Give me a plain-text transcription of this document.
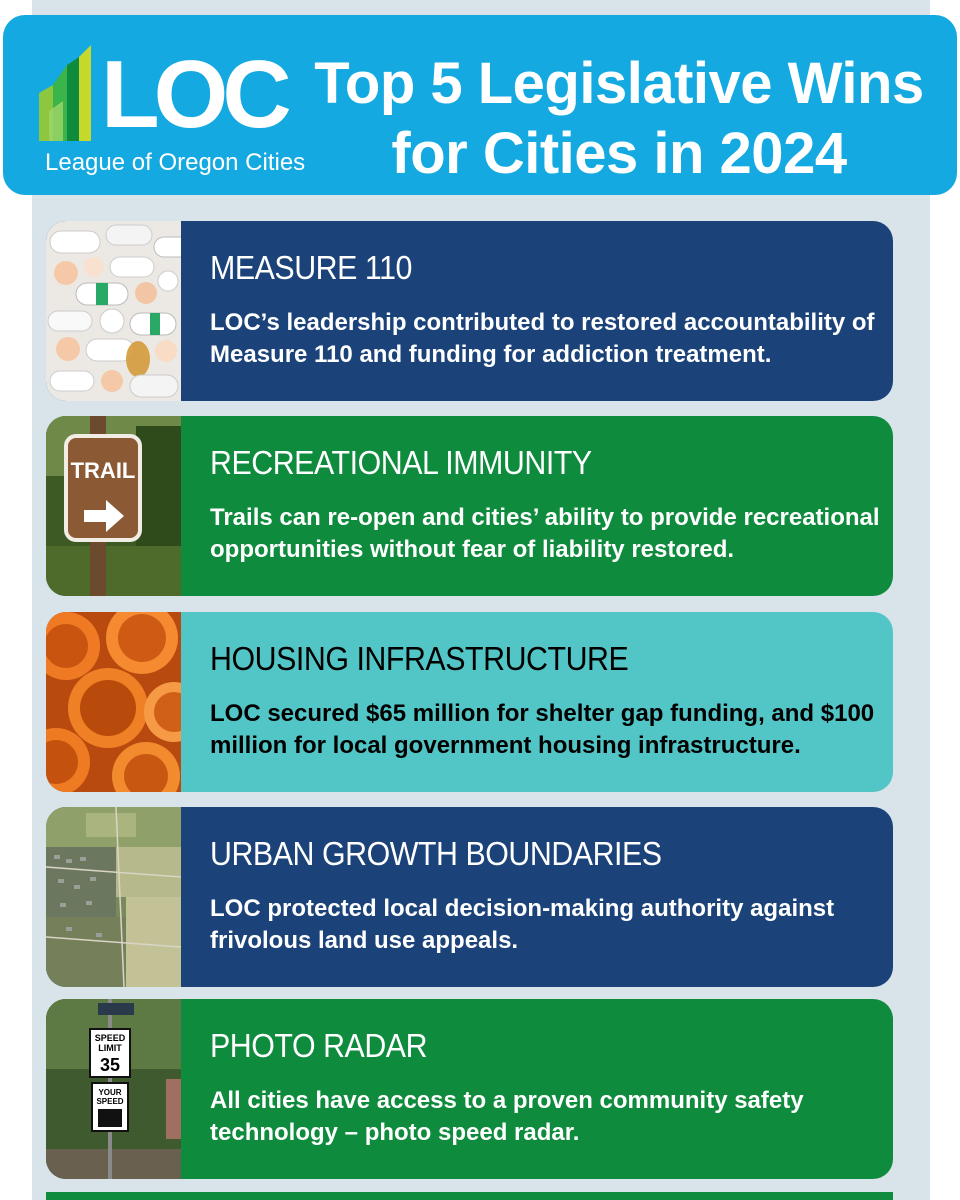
LOC
League of Oregon Cities
Top 5 Legislative Wins
for Cities in 2024
MEASURE 110
LOC’s leadership contributed to restored accountability of Measure 110 and funding for addiction treatment.
TRAIL RECREATIONAL IMMUNITY
Trails can re-open and cities’ ability to provide recreational opportunities without fear of liability restored.
HOUSING INFRASTRUCTURE
LOC secured $65 million for shelter gap funding, and $100 million for local government housing infrastructure.
URBAN GROWTH BOUNDARIES
LOC protected local decision-making authority against frivolous land use appeals.
SPEED
LIMIT
35
YOUR
SPEED
PHOTO RADAR
All cities have access to a proven community safety technology – photo speed radar.
